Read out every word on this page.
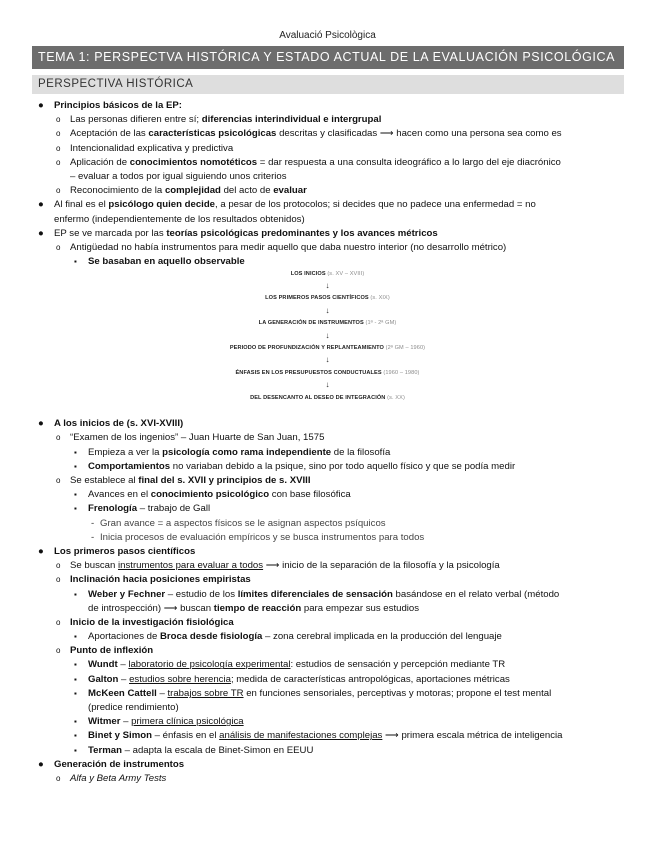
Avaluació Psicològica
TEMA 1: PERSPECTVA HISTÓRICA Y ESTADO ACTUAL DE LA EVALUACIÓN PSICOLÓGICA
PERSPECTIVA HISTÓRICA
● Principios básicos de la EP:
o Las personas difieren entre sí; diferencias interindividual e intergrupal
o Aceptación de las características psicológicas descritas y clasificadas ⟶ hacen como una persona sea como es
o Intencionalidad explicativa y predictiva
o Aplicación de conocimientos nomotéticos = dar respuesta a una consulta ideográfico a lo largo del eje diacrónico
– evaluar a todos por igual siguiendo unos criterios
o Reconocimiento de la complejidad del acto de evaluar
● Al final es el psicólogo quien decide, a pesar de los protocolos; si decides que no padece una enfermedad = no
enfermo (independientemente de los resultados obtenidos)
● EP se ve marcada por las teorías psicológicas predominantes y los avances métricos
o Antigüedad no había instrumentos para medir aquello que daba nuestro interior (no desarrollo métrico)
▪ Se basaban en aquello observable
LOS INICIOS (s. XV – XVIII)
↓
LOS PRIMEROS PASOS CIENTÍFICOS (s. XIX)
↓
LA GENERACIÓN DE INSTRUMENTOS (1ª - 2ª GM)
↓
PERIODO DE PROFUNDIZACIÓN Y REPLANTEAMIENTO (2ª GM – 1960)
↓
ÉNFASIS EN LOS PRESUPUESTOS CONDUCTUALES (1960 – 1980)
↓
DEL DESENCANTO AL DESEO DE INTEGRACIÓN (s. XX)
● A los inicios de (s. XVI-XVIII)
o “Examen de los ingenios” – Juan Huarte de San Juan, 1575
▪ Empieza a ver la psicología como rama independiente de la filosofía
▪ Comportamientos no variaban debido a la psique, sino por todo aquello físico y que se podía medir
o Se establece al final del s. XVII y principios de s. XVIII
▪ Avances en el conocimiento psicológico con base filosófica
▪ Frenología – trabajo de Gall
- Gran avance = a aspectos físicos se le asignan aspectos psíquicos
- Inicia procesos de evaluación empíricos y se busca instrumentos para todos
● Los primeros pasos científicos
o Se buscan instrumentos para evaluar a todos ⟶ inicio de la separación de la filosofía y la psicología
o Inclinación hacia posiciones empiristas
▪ Weber y Fechner – estudio de los límites diferenciales de sensación basándose en el relato verbal (método
de introspección) ⟶ buscan tiempo de reacción para empezar sus estudios
o Inicio de la investigación fisiológica
▪ Aportaciones de Broca desde fisiología – zona cerebral implicada en la producción del lenguaje
o Punto de inflexión
▪ Wundt – laboratorio de psicología experimental: estudios de sensación y percepción mediante TR
▪ Galton – estudios sobre herencia; medida de características antropológicas, aportaciones métricas
▪ McKeen Cattell – trabajos sobre TR en funciones sensoriales, perceptivas y motoras; propone el test mental
(predice rendimiento)
▪ Witmer – primera clínica psicológica
▪ Binet y Simon – énfasis en el análisis de manifestaciones complejas ⟶ primera escala métrica de inteligencia
▪ Terman – adapta la escala de Binet-Simon en EEUU
● Generación de instrumentos
o Alfa y Beta Army Tests
